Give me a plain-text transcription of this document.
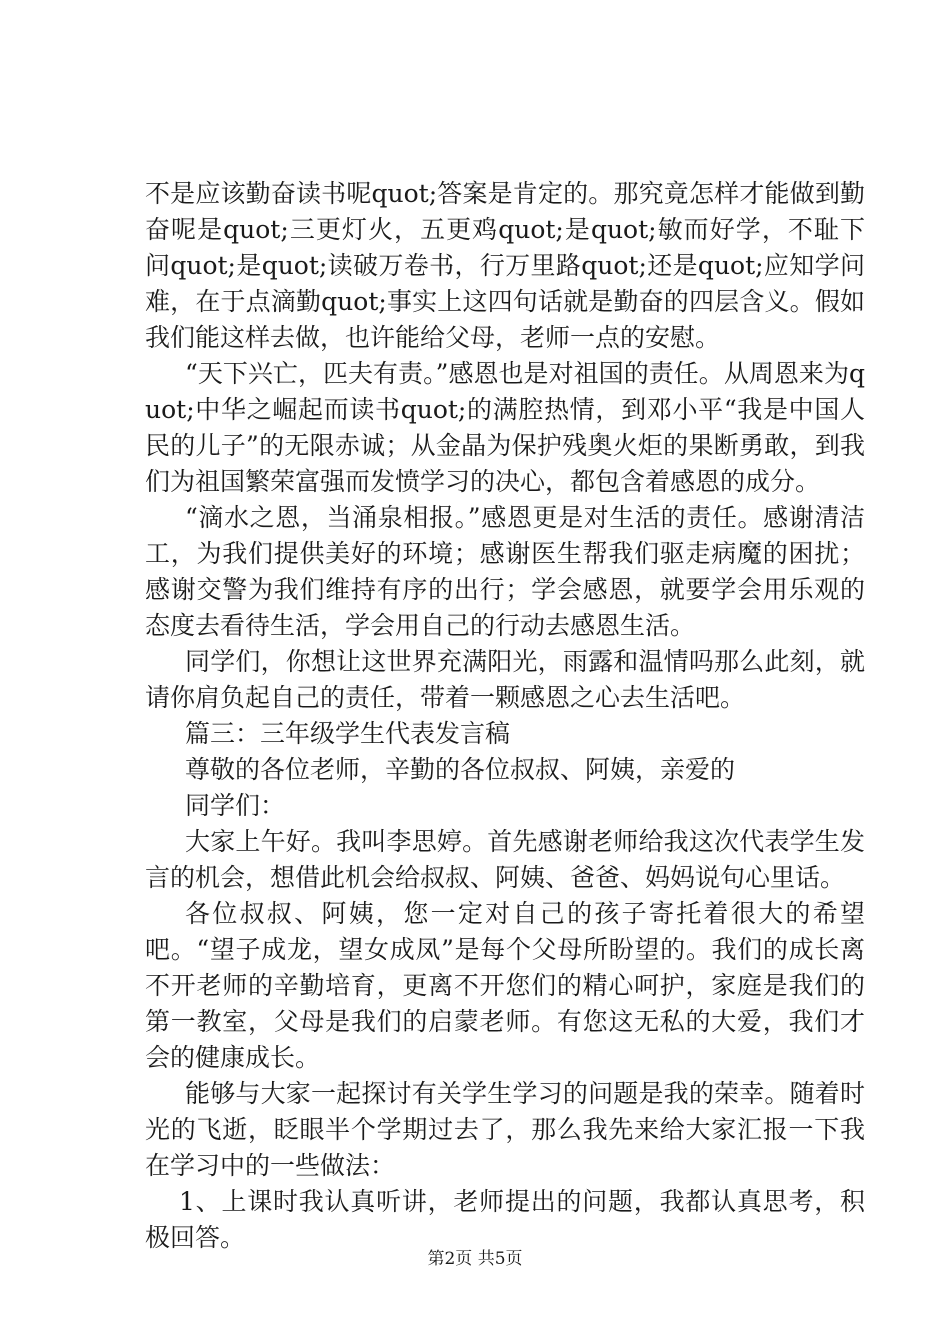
不是应该勤奋读书呢quot;答案是肯定的。那究竟怎样才能做到勤奋呢是quot;三更灯火，五更鸡quot;是quot;敏而好学，不耻下问quot;是quot;读破万卷书，行万里路quot;还是quot;应知学问难，在于点滴勤quot;事实上这四句话就是勤奋的四层含义。假如我们能这样去做，也许能给父母，老师一点的安慰。

“天下兴亡，匹夫有责。”感恩也是对祖国的责任。从周恩来为quot;中华之崛起而读书quot;的满腔热情，到邓小平“我是中国人民的儿子”的无限赤诚；从金晶为保护残奥火炬的果断勇敢，到我们为祖国繁荣富强而发愤学习的决心，都包含着感恩的成分。

“滴水之恩，当涌泉相报。”感恩更是对生活的责任。感谢清洁工，为我们提供美好的环境；感谢医生帮我们驱走病魔的困扰；感谢交警为我们维持有序的出行；学会感恩，就要学会用乐观的态度去看待生活，学会用自己的行动去感恩生活。

同学们，你想让这世界充满阳光，雨露和温情吗那么此刻，就请你肩负起自己的责任，带着一颗感恩之心去生活吧。

篇三：三年级学生代表发言稿

尊敬的各位老师，辛勤的各位叔叔、阿姨，亲爱的

同学们：

大家上午好。我叫李思婷。首先感谢老师给我这次代表学生发言的机会，想借此机会给叔叔、阿姨、爸爸、妈妈说句心里话。

各位叔叔、阿姨，您一定对自己的孩子寄托着很大的希望吧。“望子成龙，望女成凤”是每个父母所盼望的。我们的成长离不开老师的辛勤培育，更离不开您们的精心呵护，家庭是我们的第一教室，父母是我们的启蒙老师。有您这无私的大爱，我们才会的健康成长。

能够与大家一起探讨有关学生学习的问题是我的荣幸。随着时光的飞逝，眨眼半个学期过去了，那么我先来给大家汇报一下我在学习中的一些做法：

1、上课时我认真听讲，老师提出的问题，我都认真思考，积极回答。

第2页 共5页
